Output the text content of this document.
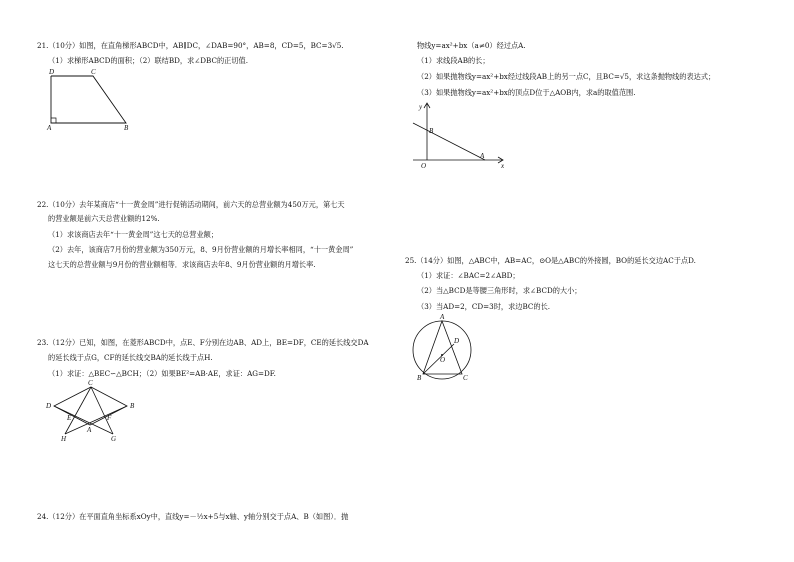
21.（10分）如图，在直角梯形ABCD中，AB∥DC，∠DAB=90°，AB=8，CD=5，BC=3√5.
（1）求梯形ABCD的面积；（2）联结BD，求∠DBC的正切值.
D	C
A	B
22.（10分）去年某商店“十一黄金周”进行促销活动期间，前六天的总营业额为450万元，第七天
的营业额是前六天总营业额的12%.
（1）求该商店去年“十一黄金周”这七天的总营业额；
（2）去年，该商店7月份的营业额为350万元，8、9月份营业额的月增长率相同，“十一黄金周”
这七天的总营业额与9月份的营业额相等．求该商店去年8、9月份营业额的月增长率.
23.（12分）已知，如图，在菱形ABCD中，点E、F分别在边AB、AD上，BE=DF，CE的延长线交DA
的延长线于点G，CF的延长线交BA的延长线于点H.
（1）求证：△BEC∽△BCH；（2）如果BE²=AB·AE，求证：AG=DF.
C
D	B
E	F
A
H	G
24.（12分）在平面直角坐标系xOy中，直线y=－½x+5与x轴、y轴分别交于点A、B（如图）．抛
物线y=ax²+bx（a≠0）经过点A.
（1）求线段AB的长；
（2）如果抛物线y=ax²+bx经过线段AB上的另一点C，且BC=√5，求这条抛物线的表达式；
（3）如果抛物线y=ax²+bx的顶点D位于△AOB内，求a的取值范围.
y
B
O
A
x
25.（14分）如图，△ABC中，AB=AC，⊙O是△ABC的外接圆，BO的延长交边AC于点D.
（1）求证：∠BAC=2∠ABD；
（2）当△BCD是等腰三角形时，求∠BCD的大小；
（3）当AD=2，CD=3时，求边BC的长.
A
D
O
B	C
